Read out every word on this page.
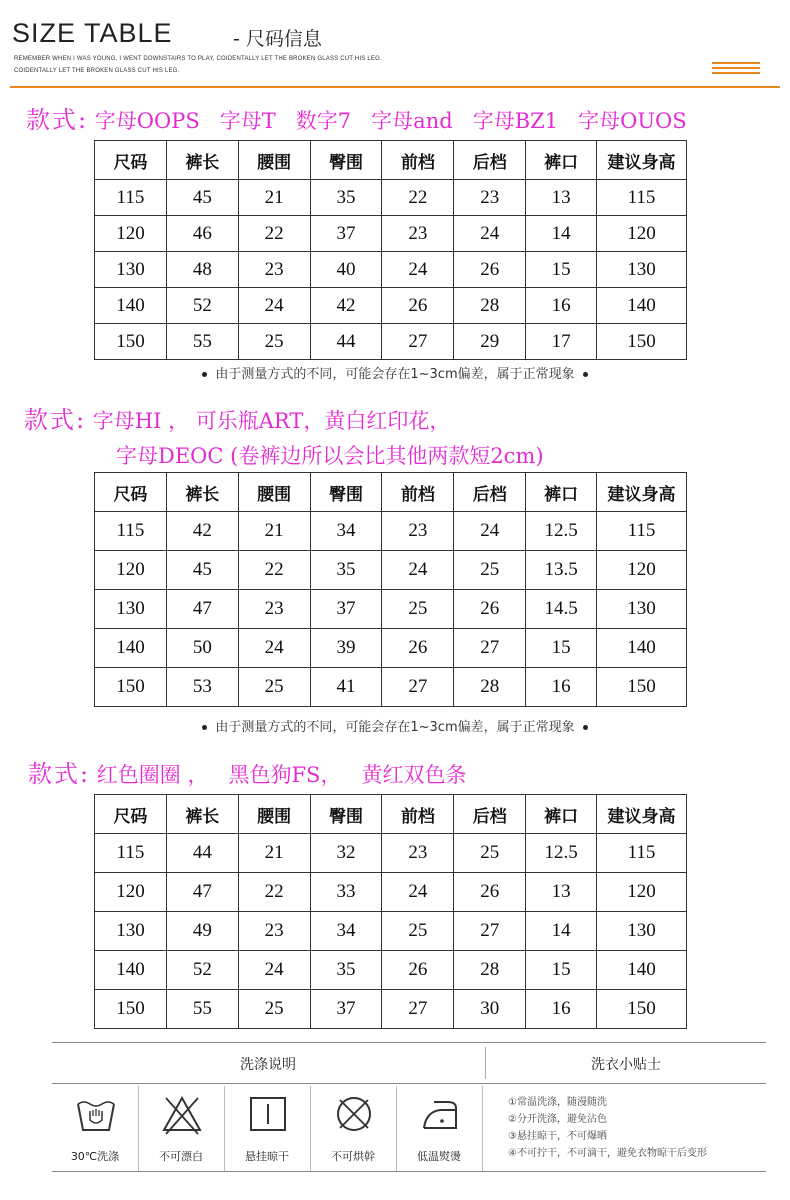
SIZE TABLE	- 尺码信息
REMEMBER WHEN I WAS YOUNG, I WENT DOWNSTAIRS TO PLAY, COIDENTALLY LET THE BROKEN GLASS CUT HIS LEG.
COIDENTALLY LET THE BROKEN GLASS CUT HIS LEG.
款式: 字母OOPS   字母T   数字7   字母and   字母BZ1   字母OUOS
尺码	裤长	腰围	臀围	前档	后档	裤口	建议身高
115	45	21	35	22	23	13	115
120	46	22	37	23	24	14	120
130	48	23	40	24	26	15	130
140	52	24	42	26	28	16	140
150	55	25	44	27	29	17	150
由于测量方式的不同，可能会存在1~3cm偏差，属于正常现象
款式: 字母HI ， 可乐瓶ART，黄白红印花，
字母DEOC (卷裤边所以会比其他两款短2cm)
尺码	裤长	腰围	臀围	前档	后档	裤口	建议身高
115	42	21	34	23	24	12.5	115
120	45	22	35	24	25	13.5	120
130	47	23	37	25	26	14.5	130
140	50	24	39	26	27	15	140
150	53	25	41	27	28	16	150
由于测量方式的不同，可能会存在1~3cm偏差，属于正常现象
款式: 红色圈圈 ，   黑色狗FS，   黄红双色条
尺码	裤长	腰围	臀围	前档	后档	裤口	建议身高
115	44	21	32	23	25	12.5	115
120	47	22	33	24	26	13	120
130	49	23	34	25	27	14	130
140	52	24	35	26	28	15	140
150	55	25	37	27	30	16	150
洗涤说明	洗衣小贴士
30℃洗涤	不可漂白	悬挂晾干	不可烘幹	低温熨燙
①常温洗涤，随漫随洗
②分开洗涤，避免沾色
③悬挂晾干，不可爆晒
④不可拧干，不可滴干，避免衣物晾干后变形
